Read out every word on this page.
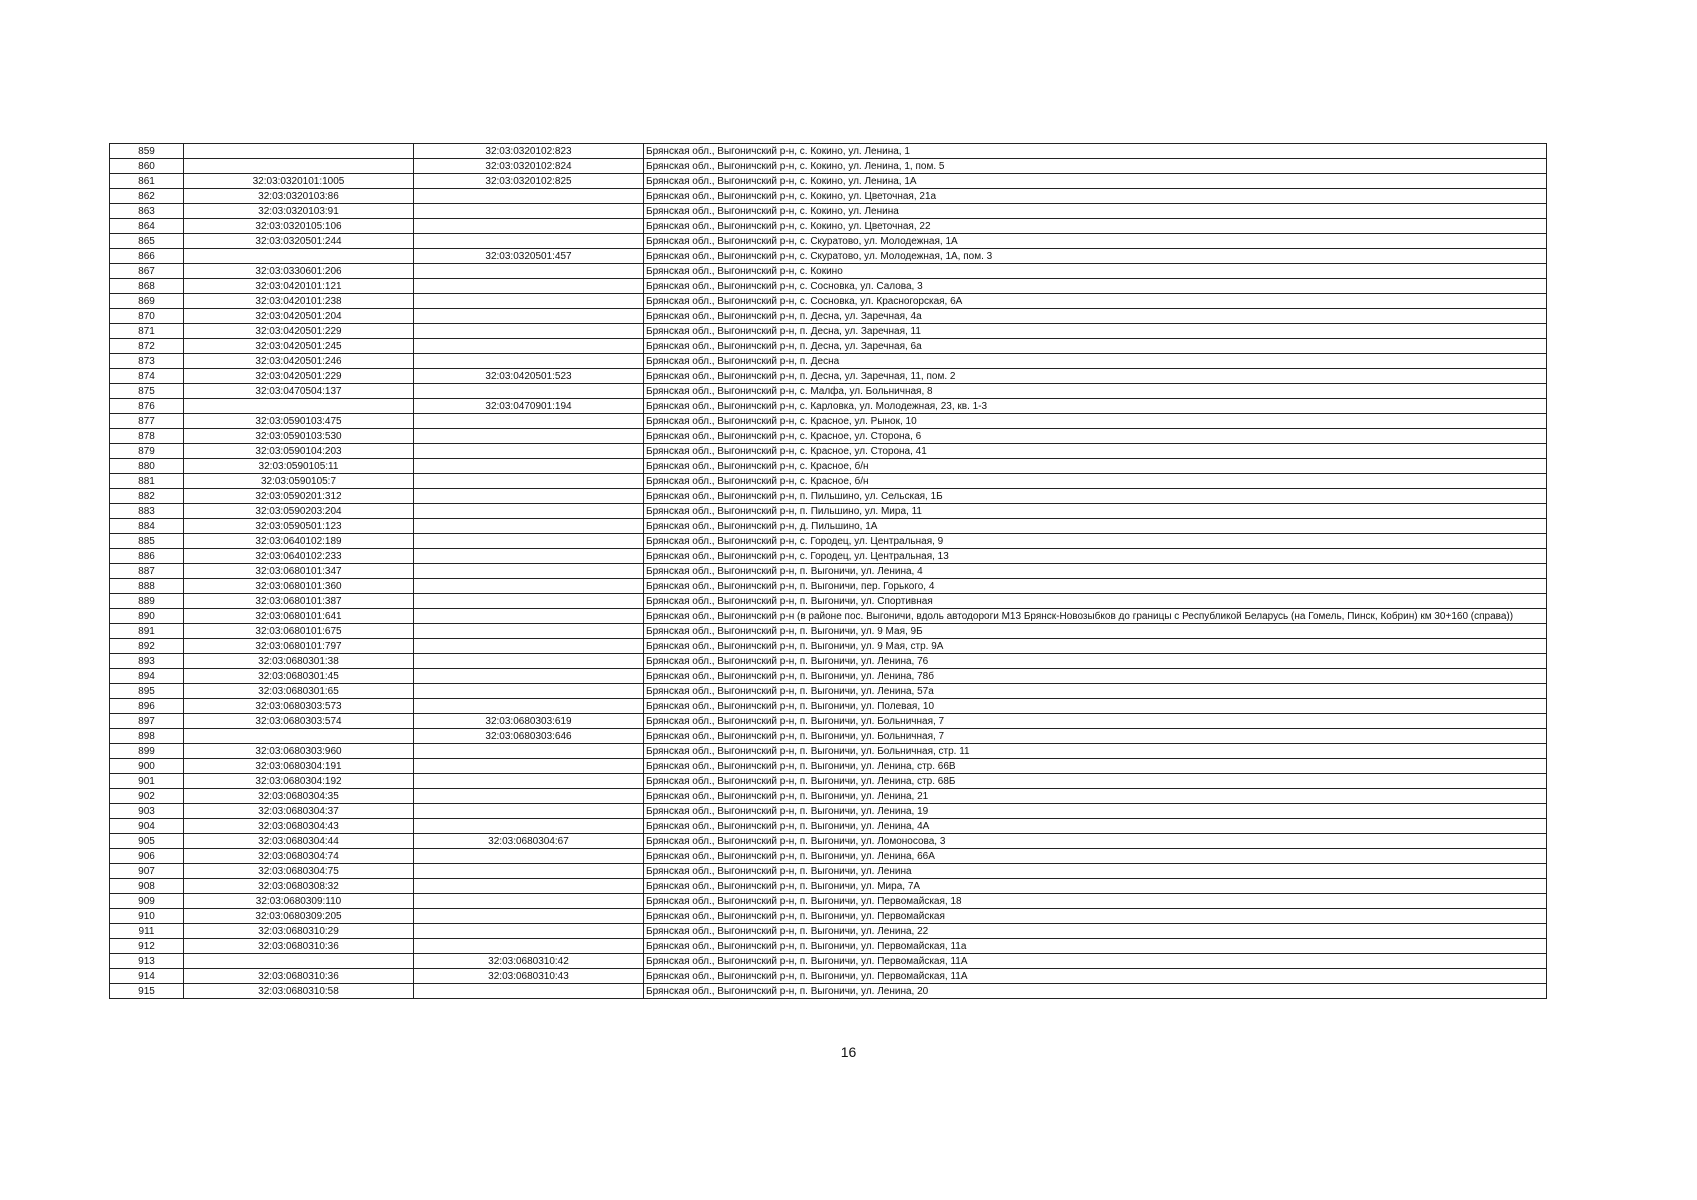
859		32:03:0320102:823	Брянская обл., Выгоничский р-н, с. Кокино, ул. Ленина, 1
860		32:03:0320102:824	Брянская обл., Выгоничский р-н, с. Кокино, ул. Ленина, 1, пом. 5
861	32:03:0320101:1005	32:03:0320102:825	Брянская обл., Выгоничский р-н, с. Кокино, ул. Ленина, 1А
862	32:03:0320103:86		Брянская обл., Выгоничский р-н, с. Кокино, ул. Цветочная, 21а
863	32:03:0320103:91		Брянская обл., Выгоничский р-н, с. Кокино, ул. Ленина
864	32:03:0320105:106		Брянская обл., Выгоничский р-н, с. Кокино, ул. Цветочная, 22
865	32:03:0320501:244		Брянская обл., Выгоничский р-н, с. Скуратово, ул. Молодежная, 1А
866		32:03:0320501:457	Брянская обл., Выгоничский р-н, с. Скуратово, ул. Молодежная, 1А, пом. 3
867	32:03:0330601:206		Брянская обл., Выгоничский р-н, с. Кокино
868	32:03:0420101:121		Брянская обл., Выгоничский р-н, с. Сосновка, ул. Салова, 3
869	32:03:0420101:238		Брянская обл., Выгоничский р-н, с. Сосновка, ул. Красногорская, 6А
870	32:03:0420501:204		Брянская обл., Выгоничский р-н, п. Десна, ул. Заречная, 4а
871	32:03:0420501:229		Брянская обл., Выгоничский р-н, п. Десна, ул. Заречная, 11
872	32:03:0420501:245		Брянская обл., Выгоничский р-н, п. Десна, ул. Заречная, 6а
873	32:03:0420501:246		Брянская обл., Выгоничский р-н, п. Десна
874	32:03:0420501:229	32:03:0420501:523	Брянская обл., Выгоничский р-н, п. Десна, ул. Заречная, 11, пом. 2
875	32:03:0470504:137		Брянская обл., Выгоничский р-н, с. Малфа, ул. Больничная, 8
876		32:03:0470901:194	Брянская обл., Выгоничский р-н, с. Карловка, ул. Молодежная, 23, кв. 1-3
877	32:03:0590103:475		Брянская обл., Выгоничский р-н, с. Красное, ул. Рынок, 10
878	32:03:0590103:530		Брянская обл., Выгоничский р-н, с. Красное, ул. Сторона, 6
879	32:03:0590104:203		Брянская обл., Выгоничский р-н, с. Красное, ул. Сторона, 41
880	32:03:0590105:11		Брянская обл., Выгоничский р-н, с. Красное, б/н
881	32:03:0590105:7		Брянская обл., Выгоничский р-н, с. Красное, б/н
882	32:03:0590201:312		Брянская обл., Выгоничский р-н, п. Пильшино, ул. Сельская, 1Б
883	32:03:0590203:204		Брянская обл., Выгоничский р-н, п. Пильшино, ул. Мира, 11
884	32:03:0590501:123		Брянская обл., Выгоничский р-н, д. Пильшино, 1А
885	32:03:0640102:189		Брянская обл., Выгоничский р-н, с. Городец, ул. Центральная, 9
886	32:03:0640102:233		Брянская обл., Выгоничский р-н, с. Городец, ул. Центральная, 13
887	32:03:0680101:347		Брянская обл., Выгоничский р-н, п. Выгоничи, ул. Ленина, 4
888	32:03:0680101:360		Брянская обл., Выгоничский р-н, п. Выгоничи, пер. Горького, 4
889	32:03:0680101:387		Брянская обл., Выгоничский р-н, п. Выгоничи, ул. Спортивная
890	32:03:0680101:641		Брянская обл., Выгоничский р-н (в районе пос. Выгоничи, вдоль автодороги М13 Брянск-Новозыбков до границы с Республикой Беларусь (на Гомель, Пинск, Кобрин) км 30+160 (справа))
891	32:03:0680101:675		Брянская обл., Выгоничский р-н, п. Выгоничи, ул. 9 Мая, 9Б
892	32:03:0680101:797		Брянская обл., Выгоничский р-н, п. Выгоничи, ул. 9 Мая, стр. 9А
893	32:03:0680301:38		Брянская обл., Выгоничский р-н, п. Выгоничи, ул. Ленина, 76
894	32:03:0680301:45		Брянская обл., Выгоничский р-н, п. Выгоничи, ул. Ленина, 78б
895	32:03:0680301:65		Брянская обл., Выгоничский р-н, п. Выгоничи, ул. Ленина, 57а
896	32:03:0680303:573		Брянская обл., Выгоничский р-н, п. Выгоничи, ул. Полевая, 10
897	32:03:0680303:574	32:03:0680303:619	Брянская обл., Выгоничский р-н, п. Выгоничи, ул. Больничная, 7
898		32:03:0680303:646	Брянская обл., Выгоничский р-н, п. Выгоничи, ул. Больничная, 7
899	32:03:0680303:960		Брянская обл., Выгоничский р-н, п. Выгоничи, ул. Больничная, стр. 11
900	32:03:0680304:191		Брянская обл., Выгоничский р-н, п. Выгоничи, ул. Ленина, стр. 66В
901	32:03:0680304:192		Брянская обл., Выгоничский р-н, п. Выгоничи, ул. Ленина, стр. 68Б
902	32:03:0680304:35		Брянская обл., Выгоничский р-н, п. Выгоничи, ул. Ленина, 21
903	32:03:0680304:37		Брянская обл., Выгоничский р-н, п. Выгоничи, ул. Ленина, 19
904	32:03:0680304:43		Брянская обл., Выгоничский р-н, п. Выгоничи, ул. Ленина, 4А
905	32:03:0680304:44	32:03:0680304:67	Брянская обл., Выгоничский р-н, п. Выгоничи, ул. Ломоносова, 3
906	32:03:0680304:74		Брянская обл., Выгоничский р-н, п. Выгоничи, ул. Ленина, 66А
907	32:03:0680304:75		Брянская обл., Выгоничский р-н, п. Выгоничи, ул. Ленина
908	32:03:0680308:32		Брянская обл., Выгоничский р-н, п. Выгоничи, ул. Мира, 7А
909	32:03:0680309:110		Брянская обл., Выгоничский р-н, п. Выгоничи, ул. Первомайская, 18
910	32:03:0680309:205		Брянская обл., Выгоничский р-н, п. Выгоничи, ул. Первомайская
911	32:03:0680310:29		Брянская обл., Выгоничский р-н, п. Выгоничи, ул. Ленина, 22
912	32:03:0680310:36		Брянская обл., Выгоничский р-н, п. Выгоничи, ул. Первомайская, 11а
913		32:03:0680310:42	Брянская обл., Выгоничский р-н, п. Выгоничи, ул. Первомайская, 11А
914	32:03:0680310:36	32:03:0680310:43	Брянская обл., Выгоничский р-н, п. Выгоничи, ул. Первомайская, 11А
915	32:03:0680310:58		Брянская обл., Выгоничский р-н, п. Выгоничи, ул. Ленина, 20
16
